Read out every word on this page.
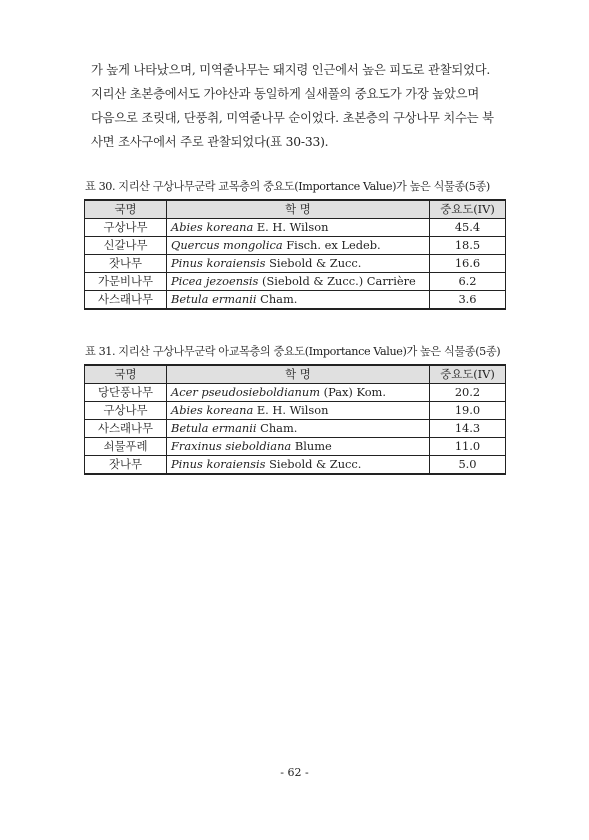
가 높게 나타났으며, 미역줄나무는 돼지령 인근에서 높은 피도로 관찰되었다.
지리산 초본층에서도 가야산과 동일하게 실새풀의 중요도가 가장 높았으며
다음으로 조릿대, 단풍취, 미역줄나무 순이었다. 초본층의 구상나무 치수는 북
사면 조사구에서 주로 관찰되었다(표 30-33).
표 30. 지리산 구상나무군락 교목층의 중요도(Importance Value)가 높은 식물종(5종)
국명	학 명	중요도(IV)
구상나무	Abies koreana E. H. Wilson	45.4
신갈나무	Quercus mongolica Fisch. ex Ledeb.	18.5
잣나무	Pinus koraiensis Siebold & Zucc.	16.6
가문비나무	Picea jezoensis (Siebold & Zucc.) Carrière	6.2
사스래나무	Betula ermanii Cham.	3.6
표 31. 지리산 구상나무군락 아교목층의 중요도(Importance Value)가 높은 식물종(5종)
국명	학 명	중요도(IV)
당단풍나무	Acer pseudosieboldianum (Pax) Kom.	20.2
구상나무	Abies koreana E. H. Wilson	19.0
사스래나무	Betula ermanii Cham.	14.3
쇠물푸레	Fraxinus sieboldiana Blume	11.0
잣나무	Pinus koraiensis Siebold & Zucc.	5.0
- 62 -
